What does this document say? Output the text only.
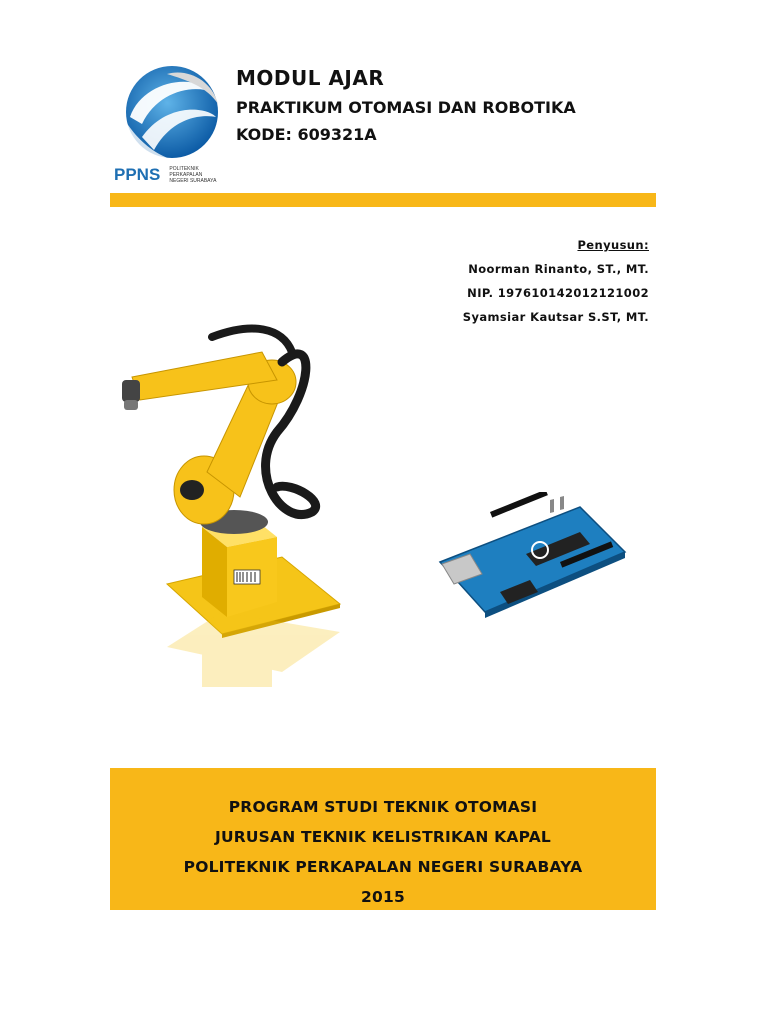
PPNS POLITEKNIK
PERKAPALAN
NEGERI SURABAYA

MODUL AJAR

PRAKTIKUM OTOMASI DAN ROBOTIKA

KODE: 609321A

Penyusun:
Noorman Rinanto, ST., MT.
NIP. 197610142012121002
Syamsiar Kautsar S.ST, MT.

PROGRAM STUDI TEKNIK OTOMASI

JURUSAN TEKNIK KELISTRIKAN KAPAL

POLITEKNIK PERKAPALAN NEGERI SURABAYA

2015
